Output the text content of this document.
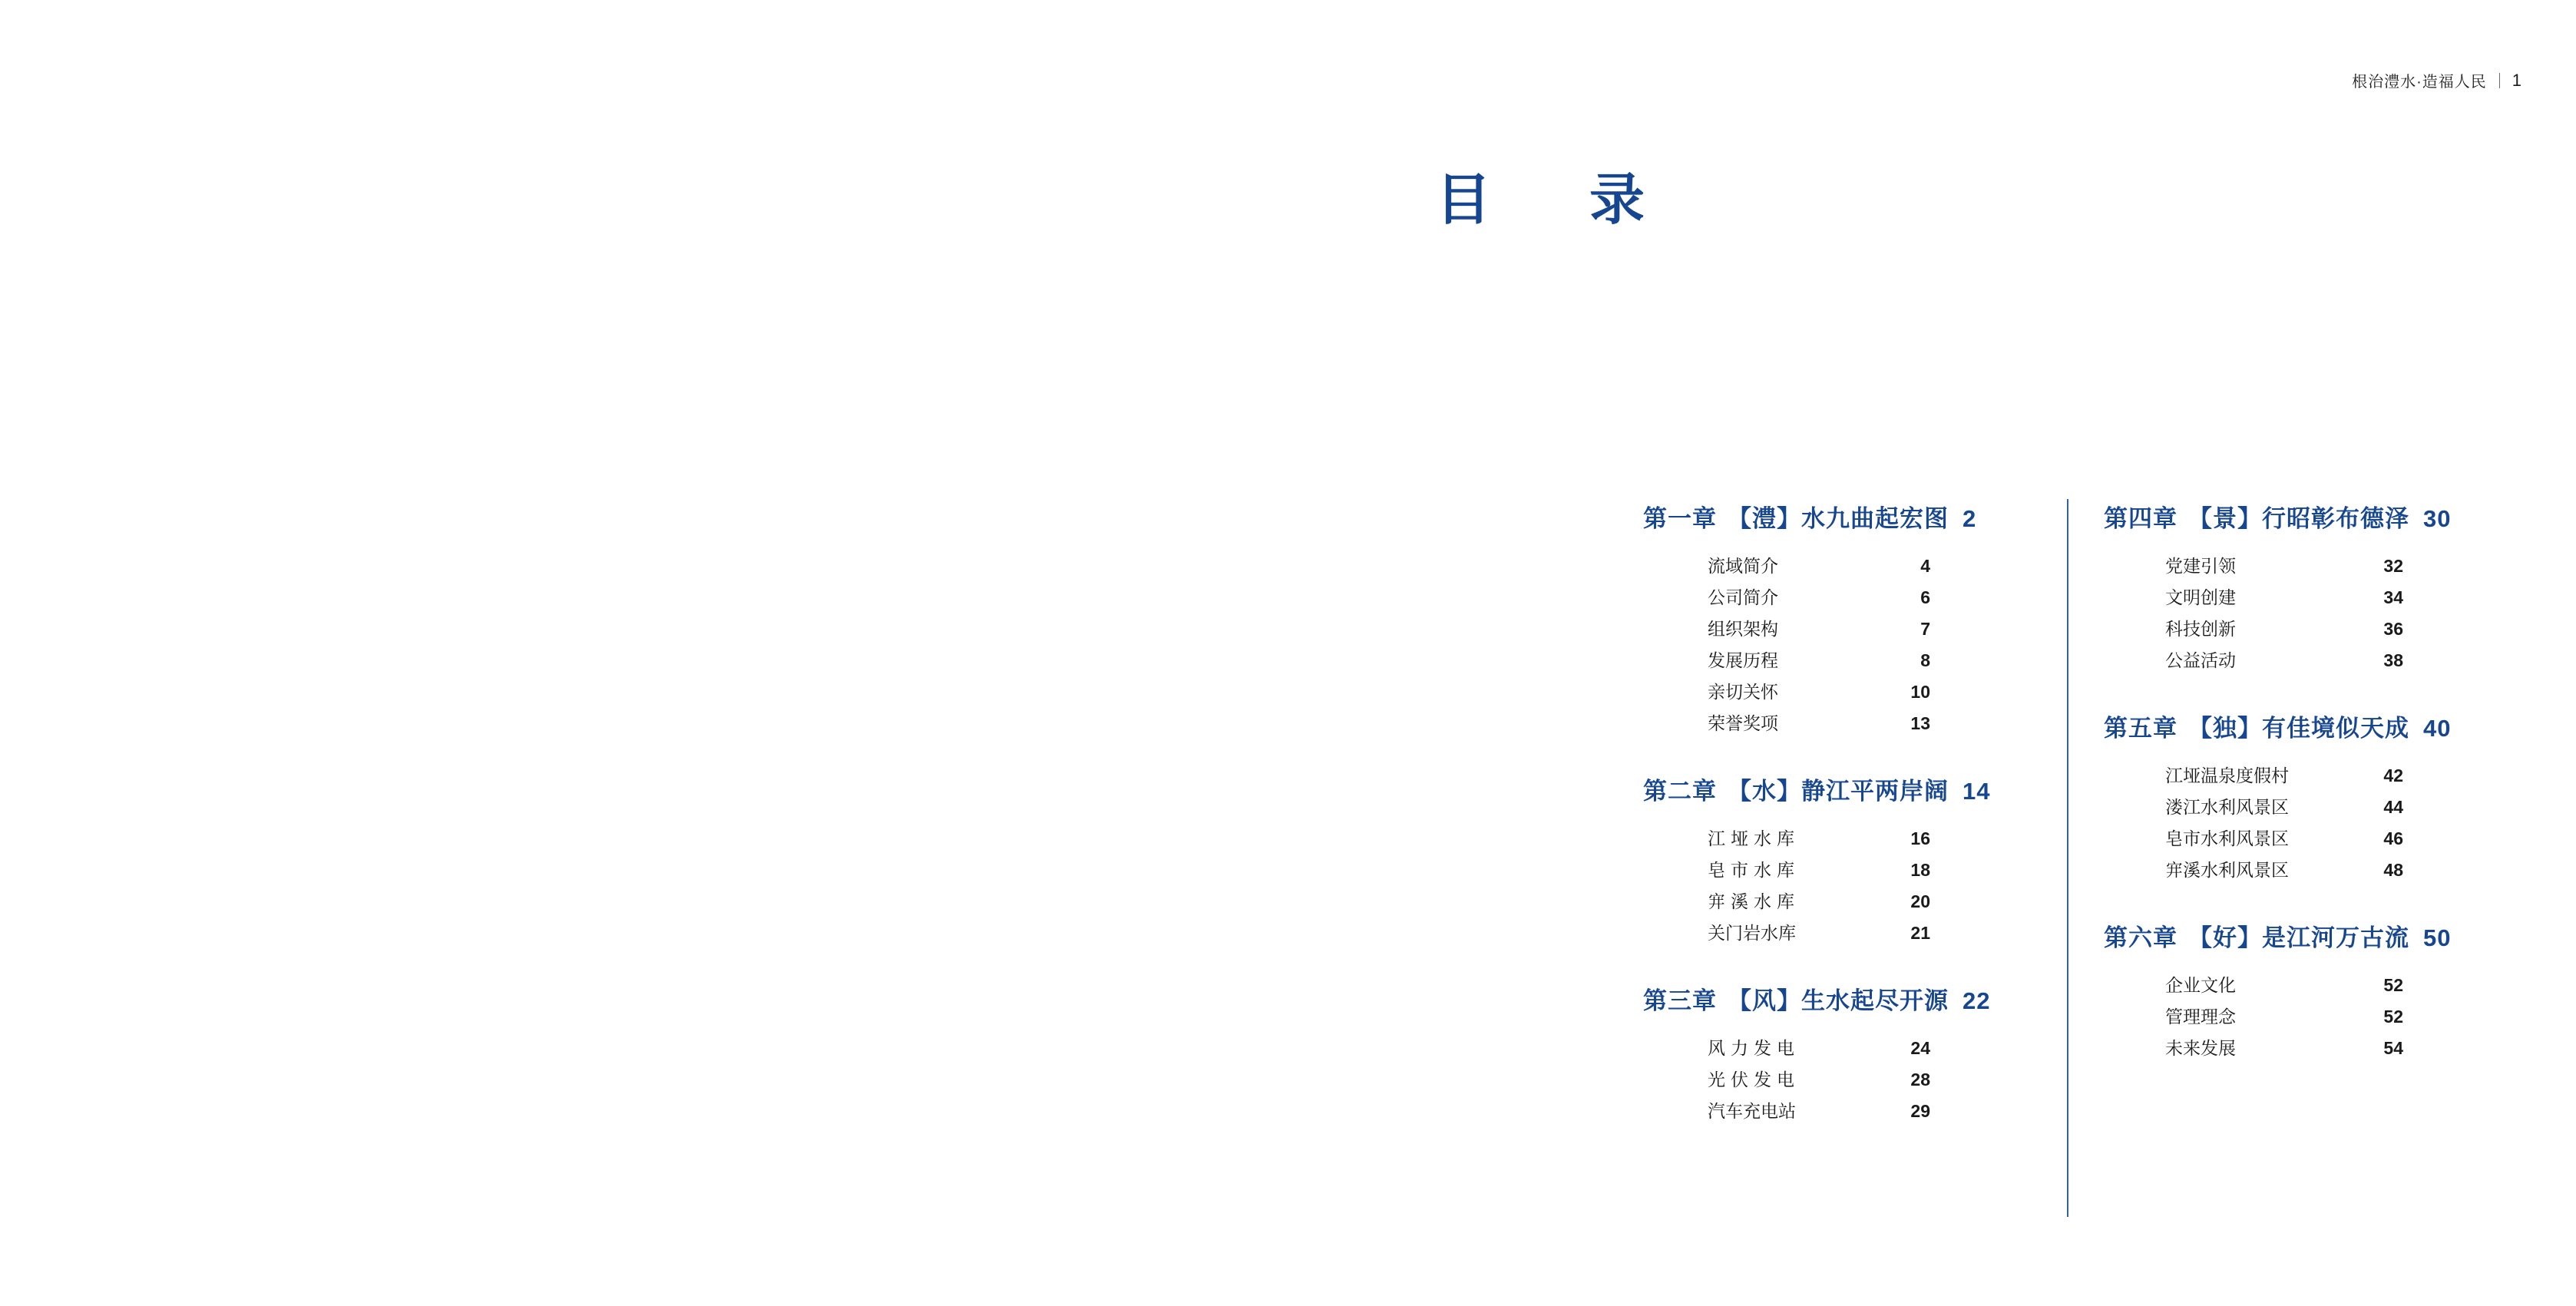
根治澧水·造福人民 1
目　录
第一章 【澧】水九曲起宏图 2
流域简介	4
公司简介	6
组织架构	7
发展历程	8
亲切关怀	10
荣誉奖项	13
第二章 【水】静江平两岸阔 14
江垭水库	16
皂市水库	18
宑溪水库	20
关门岩水库	21
第三章 【风】生水起尽开源 22
风力发电	24
光伏发电	28
汽车充电站	29
第四章 【景】行昭彰布德泽 30
党建引领	32
文明创建	34
科技创新	36
公益活动	38
第五章 【独】有佳境似天成 40
江垭温泉度假村	42
溇江水利风景区	44
皂市水利风景区	46
宑溪水利风景区	48
第六章 【好】是江河万古流 50
企业文化	52
管理理念	52
未来发展	54
